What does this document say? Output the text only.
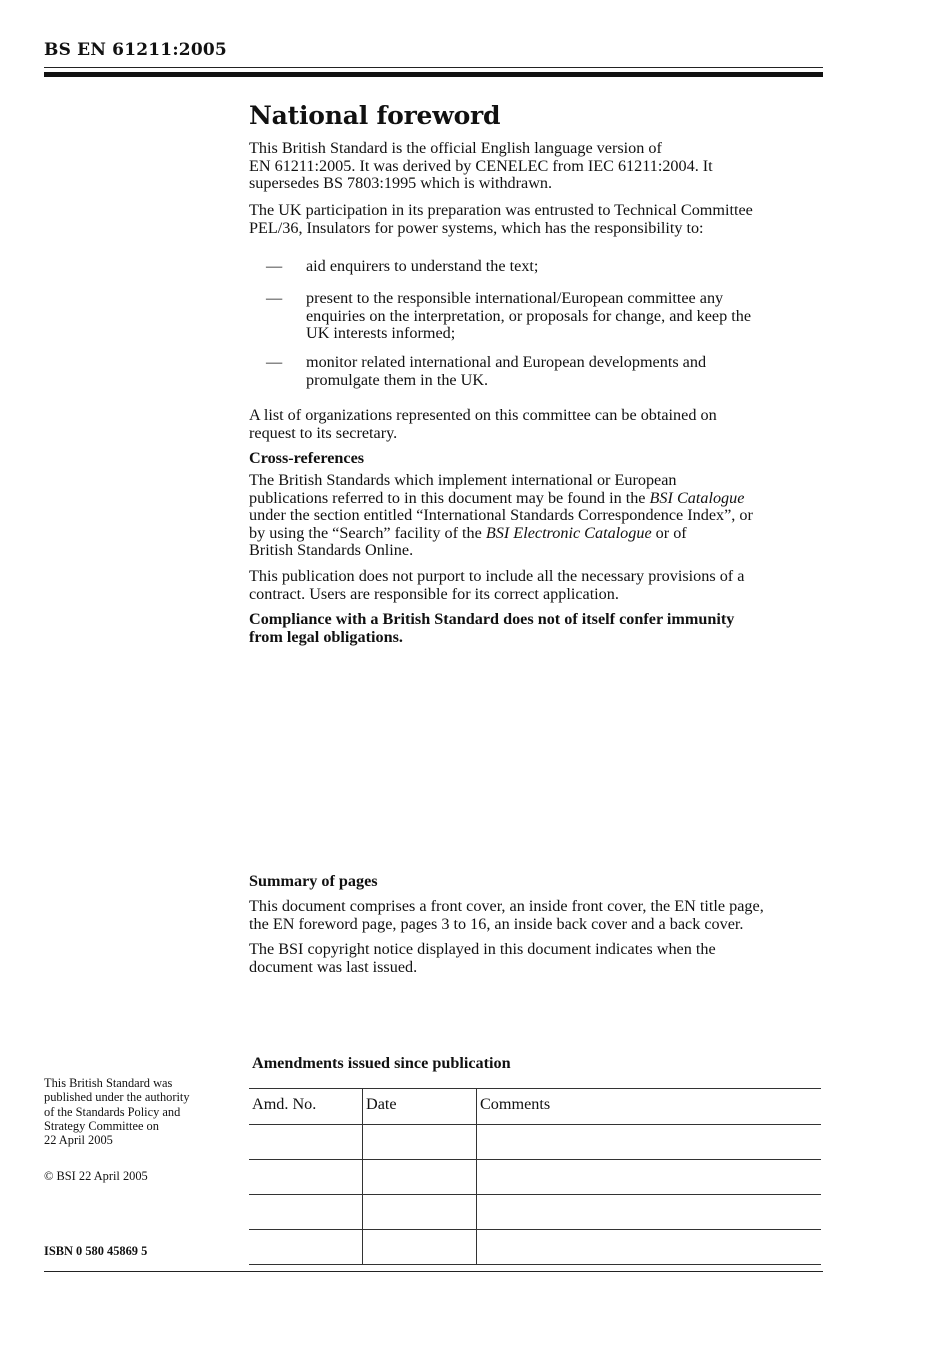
BS EN 61211:2005
National foreword

This British Standard is the official English language version of
EN 61211:2005. It was derived by CENELEC from IEC 61211:2004. It
supersedes BS 7803:1995 which is withdrawn.

The UK participation in its preparation was entrusted to Technical Committee
PEL/36, Insulators for power systems, which has the responsibility to:

— aid enquirers to understand the text;

— present to the responsible international/European committee any
enquiries on the interpretation, or proposals for change, and keep the
UK interests informed;

— monitor related international and European developments and
promulgate them in the UK.

A list of organizations represented on this committee can be obtained on
request to its secretary.

Cross-references

The British Standards which implement international or European
publications referred to in this document may be found in the BSI Catalogue
under the section entitled “International Standards Correspondence Index”, or
by using the “Search” facility of the BSI Electronic Catalogue or of
British Standards Online.

This publication does not purport to include all the necessary provisions of a
contract. Users are responsible for its correct application.

Compliance with a British Standard does not of itself confer immunity
from legal obligations.

Summary of pages

This document comprises a front cover, an inside front cover, the EN title page,
the EN foreword page, pages 3 to 16, an inside back cover and a back cover.

The BSI copyright notice displayed in this document indicates when the
document was last issued.

This British Standard was
published under the authority
of the Standards Policy and
Strategy Committee on
22 April 2005

© BSI 22 April 2005
ISBN 0 580 45869 5
Amendments issued since publication
Amd. No.	Date	Comments
